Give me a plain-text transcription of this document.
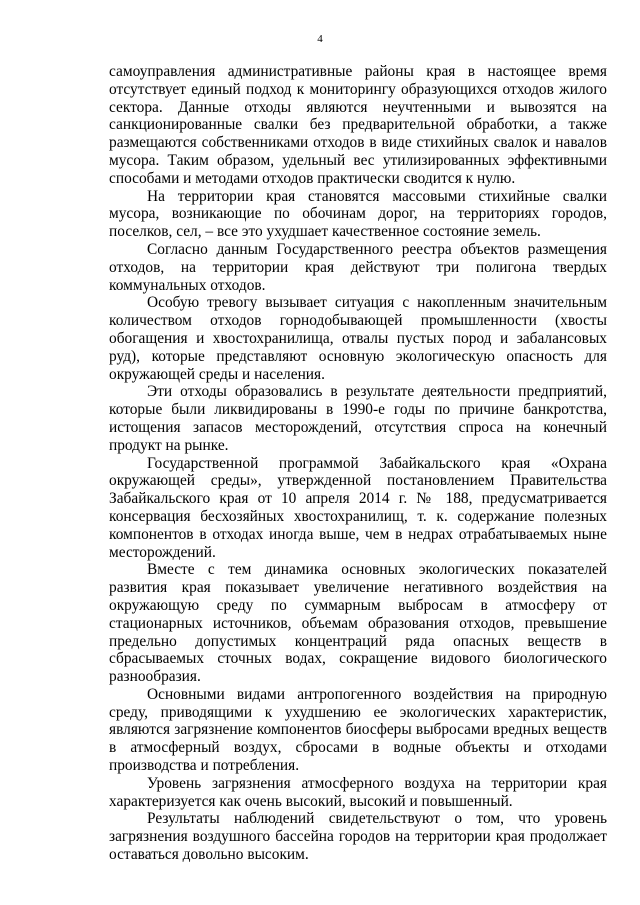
4

самоуправления административные районы края в настоящее время отсутствует единый подход к мониторингу образующихся отходов жилого сектора. Данные отходы являются неучтенными и вывозятся на санкционированные свалки без предварительной обработки, а также размещаются собственниками отходов в виде стихийных свалок и навалов мусора. Таким образом, удельный вес утилизированных эффективными способами и методами отходов практически сводится к нулю.

На территории края становятся массовыми стихийные свалки мусора, возникающие по обочинам дорог, на территориях городов, поселков, сел, – все это ухудшает качественное состояние земель.

Согласно данным Государственного реестра объектов размещения отходов, на территории края действуют три полигона твердых коммунальных отходов.

Особую тревогу вызывает ситуация с накопленным значительным количеством отходов горнодобывающей промышленности (хвосты обогащения и хвостохранилища, отвалы пустых пород и забалансовых руд), которые представляют основную экологическую опасность для окружающей среды и населения.

Эти отходы образовались в результате деятельности предприятий, которые были ликвидированы в 1990-е годы по причине банкротства, истощения запасов месторождений, отсутствия спроса на конечный продукт на рынке.

Государственной программой Забайкальского края «Охрана окружающей среды», утвержденной постановлением Правительства Забайкальского края от 10 апреля 2014 г. № 188, предусматривается консервация бесхозяйных хвостохранилищ, т. к. содержание полезных компонентов в отходах иногда выше, чем в недрах отрабатываемых ныне месторождений.

Вместе с тем динамика основных экологических показателей развития края показывает увеличение негативного воздействия на окружающую среду по суммарным выбросам в атмосферу от стационарных источников, объемам образования отходов, превышение предельно допустимых концентраций ряда опасных веществ в сбрасываемых сточных водах, сокращение видового биологического разнообразия.

Основными видами антропогенного воздействия на природную среду, приводящими к ухудшению ее экологических характеристик, являются загрязнение компонентов биосферы выбросами вредных веществ в атмосферный воздух, сбросами в водные объекты и отходами производства и потребления.

Уровень загрязнения атмосферного воздуха на территории края характеризуется как очень высокий, высокий и повышенный.

Результаты наблюдений свидетельствуют о том, что уровень загрязнения воздушного бассейна городов на территории края продолжает оставаться довольно высоким.
